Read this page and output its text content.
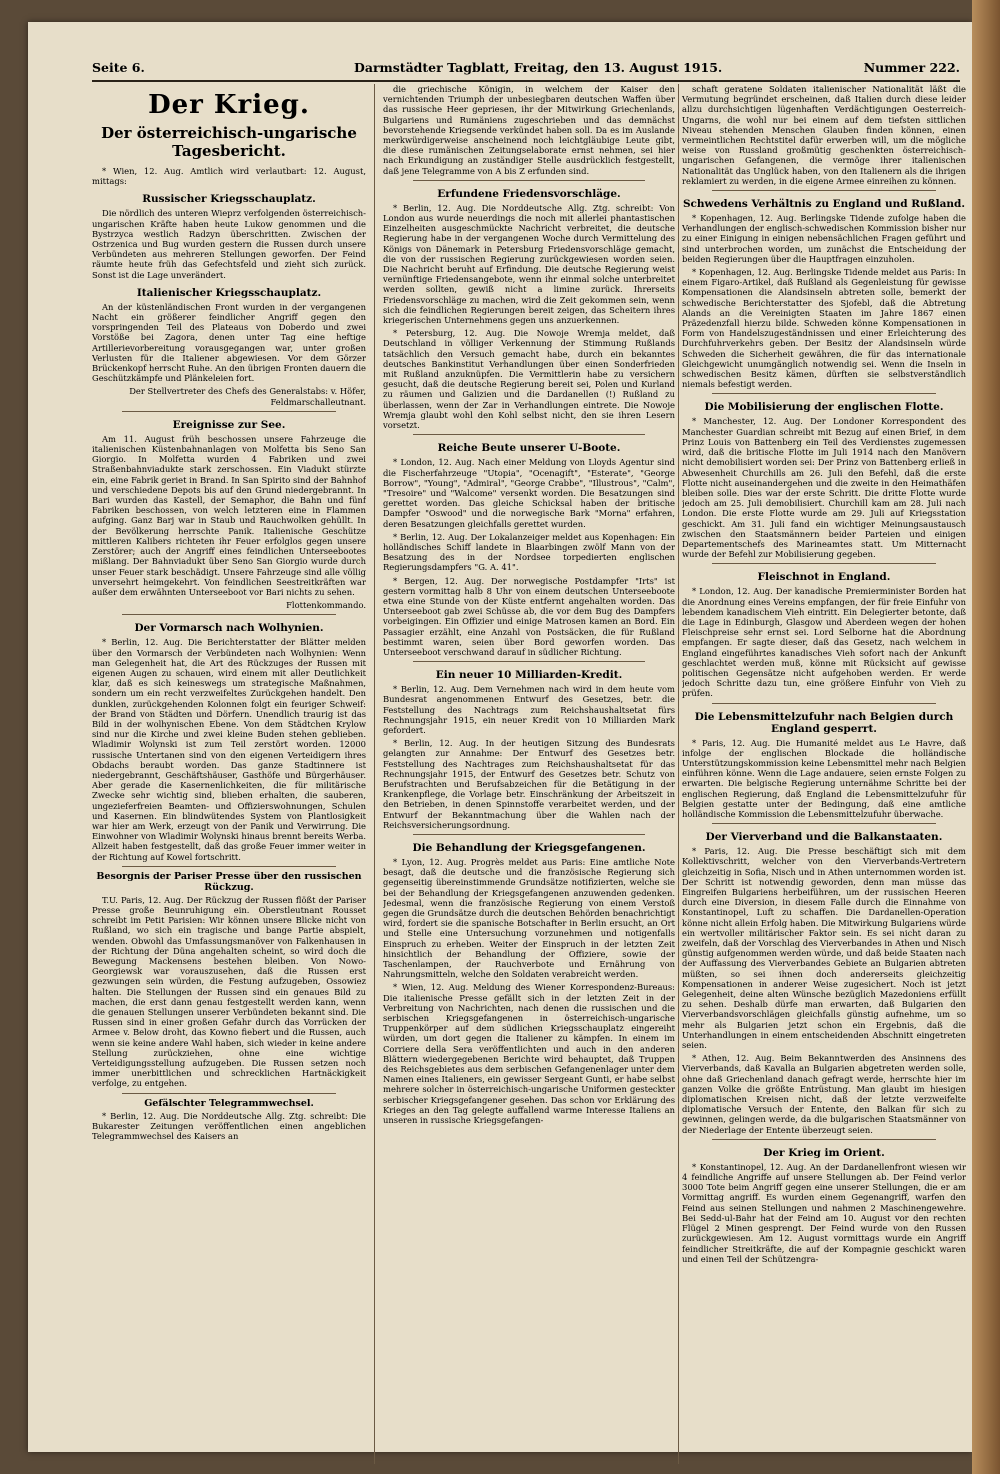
Seite 6.	Darmstädter Tagblatt, Freitag, den 13. August 1915.	Nummer 222.
Der Krieg.
Der österreichisch-ungarische Tagesbericht.

* Wien, 12. Aug. Amtlich wird verlautbart: 12. August, mittags:

Russischer Kriegsschauplatz.

Die nördlich des unteren Wieprz verfolgenden österreichisch-ungarischen Kräfte haben heute Lukow genommen und die Bystrzyca westlich Radzyn überschritten. Zwischen der Ostrzenica und Bug wurden gestern die Russen durch unsere Verbündeten aus mehreren Stellungen geworfen. Der Feind räumte heute früh das Gefechtsfeld und zieht sich zurück. Sonst ist die Lage unverändert.

Italienischer Kriegsschauplatz.

An der küstenländischen Front wurden in der vergangenen Nacht ein größerer feindlicher Angriff gegen den vorspringenden Teil des Plateaus von Doberdo und zwei Vorstöße bei Zagora, denen unter Tag eine heftige Artillerievorbereitung vorausgegangen war, unter großen Verlusten für die Italiener abgewiesen. Vor dem Görzer Brückenkopf herrscht Ruhe. An den übrigen Fronten dauern die Geschützkämpfe und Plänkeleien fort.

Der Stellvertreter des Chefs des Generalstabs: v. Höfer, Feldmarschalleutnant.

Ereignisse zur See.

Am 11. August früh beschossen unsere Fahrzeuge die italienischen Küstenbahnanlagen von Molfetta bis Seno San Giorgio. In Molfetta wurden 4 Fabriken und zwei Straßenbahnviadukte stark zerschossen. Ein Viadukt stürzte ein, eine Fabrik geriet in Brand. In San Spirito sind der Bahnhof und verschiedene Depots bis auf den Grund niedergebrannt. In Bari wurden das Kastell, der Semaphor, die Bahn und fünf Fabriken beschossen, von welch letzteren eine in Flammen aufging. Ganz Barj war in Staub und Rauchwolken gehüllt. In der Bevölkerung herrschte Panik. Italienische Geschütze mittleren Kalibers richteten ihr Feuer erfolglos gegen unsere Zerstörer; auch der Angriff eines feindlichen Unterseebootes mißlang. Der Bahnviadukt über Seno San Giorgio wurde durch unser Feuer stark beschädigt. Unsere Fahrzeuge sind alle völlig unversehrt heimgekehrt. Von feindlichen Seestreitkräften war außer dem erwähnten Unterseeboot vor Bari nichts zu sehen.

Flottenkommando.

Der Vormarsch nach Wolhynien.

* Berlin, 12. Aug. Die Berichterstatter der Blätter melden über den Vormarsch der Verbündeten nach Wolhynien: Wenn man Gelegenheit hat, die Art des Rückzuges der Russen mit eigenen Augen zu schauen, wird einem mit aller Deutlichkeit klar, daß es sich keineswegs um strategische Maßnahmen, sondern um ein recht verzweifeltes Zurückgehen handelt. Den dunklen, zurückgehenden Kolonnen folgt ein feuriger Schweif: der Brand von Städten und Dörfern. Unendlich traurig ist das Bild in der wolhynischen Ebene. Von dem Städtchen Krylow sind nur die Kirche und zwei kleine Buden stehen geblieben. Wladimir Wolynski ist zum Teil zerstört worden. 12000 russische Untertanen sind von den eigenen Verteidigern ihres Obdachs beraubt worden. Das ganze Stadtinnere ist niedergebrannt, Geschäftshäuser, Gasthöfe und Bürgerhäuser. Aber gerade die Kasernenlichkeiten, die für militärische Zwecke sehr wichtig sind, blieben erhalten, die sauberen, ungezieferfreien Beamten- und Offizierswohnungen, Schulen und Kasernen. Ein blindwütendes System von Plantlosigkeit war hier am Werk, erzeugt von der Panik und Verwirrung. Die Einwohner von Wladimir Wolynski hinaus brennt bereits Werba. Allzeit haben festgestellt, daß das große Feuer immer weiter in der Richtung auf Kowel fortschritt.

Besorgnis der Pariser Presse über den russischen Rückzug.

T.U. Paris, 12. Aug. Der Rückzug der Russen flößt der Pariser Presse große Beunruhigung ein. Oberstleutnant Rousset schreibt im Petit Parisien: Wir können unsere Blicke nicht von Rußland, wo sich ein tragische und bange Partie abspielt, wenden. Obwohl das Umfassungsmanöver von Falkenhausen in der Richtung der Düna angehalten scheint, so wird doch die Bewegung Mackensens bestehen bleiben. Von Nowo-Georgiewsk war vorauszusehen, daß die Russen erst gezwungen sein würden, die Festung aufzugeben, Ossowiez halten. Die Stellungen der Russen sind ein genaues Bild zu machen, die erst dann genau festgestellt werden kann, wenn die genauen Stellungen unserer Verbündeten bekannt sind. Die Russen sind in einer großen Gefahr durch das Vorrücken der Armee v. Below droht, das Kowno fiebert und die Russen, auch wenn sie keine andere Wahl haben, sich wieder in keine andere Stellung zurückziehen, ohne eine wichtige Verteidigungsstellung aufzugeben. Die Russen setzen noch immer unerbittlichen und schrecklichen Hartnäckigkeit verfolge, zu entgehen.

Gefälschter Telegrammwechsel.

* Berlin, 12. Aug. Die Norddeutsche Allg. Ztg. schreibt: Die Bukarester Zeitungen veröffentlichen einen angeblichen Telegrammwechsel des Kaisers an

die griechische Königin, in welchem der Kaiser den vernichtenden Triumph der unbesiegbaren deutschen Waffen über das russische Heer gepriesen, ihr der Mitwirkung Griechenlands, Bulgariens und Rumäniens zugeschrieben und das demnächst bevorstehende Kriegsende verkündet haben soll. Da es im Auslande merkwürdigerweise anscheinend noch leichtgläubige Leute gibt, die diese rumänischen Zeitungselaborate ernst nehmen, sei hier nach Erkundigung an zuständiger Stelle ausdrücklich festgestellt, daß jene Telegramme von A bis Z erfunden sind.

Erfundene Friedensvorschläge.

* Berlin, 12. Aug. Die Norddeutsche Allg. Ztg. schreibt: Von London aus wurde neuerdings die noch mit allerlei phantastischen Einzelheiten ausgeschmückte Nachricht verbreitet, die deutsche Regierung habe in der vergangenen Woche durch Vermittelung des Königs von Dänemark in Petersburg Friedensvorschläge gemacht, die von der russischen Regierung zurückgewiesen worden seien. Die Nachricht beruht auf Erfindung. Die deutsche Regierung weist vernünftige Friedensangebote, wenn ihr einmal solche unterbreitet werden sollten, gewiß nicht a limine zurück. Ihrerseits Friedensvorschläge zu machen, wird die Zeit gekommen sein, wenn sich die feindlichen Regierungen bereit zeigen, das Scheitern ihres kriegerischen Unternehmens gegen uns anzuerkennen.

* Petersburg, 12. Aug. Die Nowoje Wremja meldet, daß Deutschland in völliger Verkennung der Stimmung Rußlands tatsächlich den Versuch gemacht habe, durch ein bekanntes deutsches Bankinstitut Verhandlungen über einen Sonderfrieden mit Rußland anzuknüpfen. Die Vermittlerin habe zu versichern gesucht, daß die deutsche Regierung bereit sei, Polen und Kurland zu räumen und Galizien und die Dardanellen (!) Rußland zu überlassen, wenn der Zar in Verhandlungen eintrete. Die Nowoje Wremja glaubt wohl den Kohl selbst nicht, den sie ihren Lesern vorsetzt.

Reiche Beute unserer U-Boote.

* London, 12. Aug. Nach einer Meldung von Lloyds Agentur sind die Fischerfahrzeuge "Utopia", "Ocenagift", "Esterate", "George Borrow", "Young", "Admiral", "George Crabbe", "Illustrous", "Calm", "Tresoire" und "Walcome" versenkt worden. Die Besatzungen sind gerettet worden. Das gleiche Schicksal haben der britische Dampfer "Oswood" und die norwegische Bark "Morna" erfahren, deren Besatzungen gleichfalls gerettet wurden.

* Berlin, 12. Aug. Der Lokalanzeiger meldet aus Kopenhagen: Ein holländisches Schiff landete in Blaarbingen zwölf Mann von der Besatzung des in der Nordsee torpedierten englischen Regierungsdampfers "G. A. 41".

* Bergen, 12. Aug. Der norwegische Postdampfer "Irts" ist gestern vormittag halb 8 Uhr von einem deutschen Unterseeboote etwa eine Stunde von der Küste entfernt angehalten worden. Das Unterseeboot gab zwei Schüsse ab, die vor dem Bug des Dampfers vorbeigingen. Ein Offizier und einige Matrosen kamen an Bord. Ein Passagier erzählt, eine Anzahl von Postsäcken, die für Rußland bestimmt waren, seien über Bord geworfen worden. Das Unterseeboot verschwand darauf in südlicher Richtung.

Ein neuer 10 Milliarden-Kredit.

* Berlin, 12. Aug. Dem Vernehmen nach wird in dem heute vom Bundesrat angenommenen Entwurf des Gesetzes, betr. die Feststellung des Nachtrags zum Reichshaushaltsetat fürs Rechnungsjahr 1915, ein neuer Kredit von 10 Milliarden Mark gefordert.

* Berlin, 12. Aug. In der heutigen Sitzung des Bundesrats gelangten zur Annahme: Der Entwurf des Gesetzes betr. Feststellung des Nachtrages zum Reichshaushaltsetat für das Rechnungsjahr 1915, der Entwurf des Gesetzes betr. Schutz von Berufstrachten und Berufsabzeichen für die Betätigung in der Krankenpflege, die Vorlage betr. Einschränkung der Arbeitszeit in den Betrieben, in denen Spinnstoffe verarbeitet werden, und der Entwurf der Bekanntmachung über die Wahlen nach der Reichsversicherungsordnung.

Die Behandlung der Kriegsgefangenen.

* Lyon, 12. Aug. Progrès meldet aus Paris: Eine amtliche Note besagt, daß die deutsche und die französische Regierung sich gegenseitig übereinstimmende Grundsätze notifizierten, welche sie bei der Behandlung der Kriegsgefangenen anzuwenden gedenken. Jedesmal, wenn die französische Regierung von einem Verstoß gegen die Grundsätze durch die deutschen Behörden benachrichtigt wird, fordert sie die spanische Botschafter in Berlin ersucht, an Ort und Stelle eine Untersuchung vorzunehmen und notigenfalls Einspruch zu erheben. Weiter der Einspruch in der letzten Zeit hinsichtlich der Behandlung der Offiziere, sowie der Taschenlampen, der Rauchverbote und Ernährung von Nahrungsmitteln, welche den Soldaten verabreicht werden.

* Wien, 12. Aug. Meldung des Wiener Korrespondenz-Bureaus: Die italienische Presse gefällt sich in der letzten Zeit in der Verbreitung von Nachrichten, nach denen die russischen und die serbischen Kriegsgefangenen in österreichisch-ungarische Truppenkörper auf dem südlichen Kriegsschauplatz eingereiht würden, um dort gegen die Italiener zu kämpfen. In einem im Corriere della Sera veröffentlichten und auch in den anderen Blättern wiedergegebenen Berichte wird behauptet, daß Truppen des Reichsgebietes aus dem serbischen Gefangenenlager unter dem Namen eines Italieners, ein gewisser Sergeant Gunti, er habe selbst mehrere solcher in österreichisch-ungarische Uniformen gesteckter serbischer Kriegsgefangener gesehen. Das schon vor Erklärung des Krieges an den Tag gelegte auffallend warme Interesse Italiens an unseren in russische Kriegsgefangen-

schaft geratene Soldaten italienischer Nationalität läßt die Vermutung begründet erscheinen, daß Italien durch diese leider allzu durchsichtigen lügenhaften Verdächtigungen Oesterreich-Ungarns, die wohl nur bei einem auf dem tiefsten sittlichen Niveau stehenden Menschen Glauben finden können, einen vermeintlichen Rechtstitel dafür erwerben will, um die mögliche weise von Russland großmütig geschenkten österreichisch-ungarischen Gefangenen, die vermöge ihrer italienischen Nationalität das Unglück haben, von den Italienern als die ihrigen reklamiert zu werden, in die eigene Armee einreihen zu können.

Schwedens Verhältnis zu England und Rußland.

* Kopenhagen, 12. Aug. Berlingske Tidende zufolge haben die Verhandlungen der englisch-schwedischen Kommission bisher nur zu einer Einigung in einigen nebensächlichen Fragen geführt und sind unterbrochen worden, um zunächst die Entscheidung der beiden Regierungen über die Hauptfragen einzuholen.

* Kopenhagen, 12. Aug. Berlingske Tidende meldet aus Paris: In einem Figaro-Artikel, daß Rußland als Gegenleistung für gewisse Kompensationen die Alandsinseln abtreten solle, bemerkt der schwedische Berichterstatter des Sjofebl, daß die Abtretung Alands an die Vereinigten Staaten im Jahre 1867 einen Präzedenzfall hierzu bilde. Schweden könne Kompensationen in Form von Handelszugeständnissen und einer Erleichterung des Durchfuhrverkehrs geben. Der Besitz der Alandsinseln würde Schweden die Sicherheit gewähren, die für das internationale Gleichgewicht unumgänglich notwendig sei. Wenn die Inseln in schwedischen Besitz kämen, dürften sie selbstverständlich niemals befestigt werden.

Die Mobilisierung der englischen Flotte.

* Manchester, 12. Aug. Der Londoner Korrespondent des Manchester Guardian schreibt mit Bezug auf einen Brief, in dem Prinz Louis von Battenberg ein Teil des Verdienstes zugemessen wird, daß die britische Flotte im Juli 1914 nach den Manövern nicht demobilisiert worden sei: Der Prinz von Battenberg erließ in Abwesenheit Churchills am 26. Juli den Befehl, daß die erste Flotte nicht auseinandergehen und die zweite in den Heimathäfen bleiben solle. Dies war der erste Schritt. Die dritte Flotte wurde jedoch am 25. Juli demobilisiert. Churchill kam am 28. Juli nach London. Die erste Flotte wurde am 29. Juli auf Kriegsstation geschickt. Am 31. Juli fand ein wichtiger Meinungsaustausch zwischen den Staatsmännern beider Parteien und einigen Departementschefs des Marineamtes statt. Um Mitternacht wurde der Befehl zur Mobilisierung gegeben.

Fleischnot in England.

* London, 12. Aug. Der kanadische Premierminister Borden hat die Anordnung eines Vereins empfangen, der für freie Einfuhr von lebendem kanadischem Vieh eintritt. Ein Delegierter betonte, daß die Lage in Edinburgh, Glasgow und Aberdeen wegen der hohen Fleischpreise sehr ernst sei. Lord Selborne hat die Abordnung empfangen. Er sagte dieser, daß das Gesetz, nach welchem in England eingeführtes kanadisches Vieh sofort nach der Ankunft geschlachtet werden muß, könne mit Rücksicht auf gewisse politischen Gegensätze nicht aufgehoben werden. Er werde jedoch Schritte dazu tun, eine größere Einfuhr von Vieh zu prüfen.

Die Lebensmittelzufuhr nach Belgien durch England gesperrt.

* Paris, 12. Aug. Die Humanité meldet aus Le Havre, daß infolge der englischen Blockade die holländische Unterstützungskommission keine Lebensmittel mehr nach Belgien einführen könne. Wenn die Lage andauere, seien ernste Folgen zu erwarten. Die belgische Regierung unternähme Schritte bei der englischen Regierung, daß England die Lebensmittelzufuhr für Belgien gestatte unter der Bedingung, daß eine amtliche holländische Kommission die Lebensmittelzufuhr überwache.

Der Vierverband und die Balkanstaaten.

* Paris, 12. Aug. Die Presse beschäftigt sich mit dem Kollektivschritt, welcher von den Vierverbands-Vertretern gleichzeitig in Sofia, Nisch und in Athen unternommen worden ist. Der Schritt ist notwendig geworden, denn man müsse das Eingreifen Bulgariens herbeiführen, um der russischen Heeren durch eine Diversion, in diesem Falle durch die Einnahme von Konstantinopel, Luft zu schaffen. Die Dardanellen-Operation könne nicht allein Erfolg haben. Die Mitwirkung Bulgariens würde ein wertvoller militärischer Faktor sein. Es sei nicht daran zu zweifeln, daß der Vorschlag des Vierverbandes in Athen und Nisch günstig aufgenommen werden würde, und daß beide Staaten nach der Auffassung des Vierverbandes Gebiete an Bulgarien abtreten müßten, so sei ihnen doch andererseits gleichzeitig Kompensationen in anderer Weise zugesichert. Noch ist jetzt Gelegenheit, deine alten Wünsche bezüglich Mazedoniens erfüllt zu sehen. Deshalb dürfe man erwarten, daß Bulgarien den Vierverbandsvorschlägen gleichfalls günstig aufnehme, um so mehr als Bulgarien jetzt schon ein Ergebnis, daß die Unterhandlungen in einem entscheidenden Abschnitt eingetreten seien.

* Athen, 12. Aug. Beim Bekanntwerden des Ansinnens des Vierverbands, daß Kavalla an Bulgarien abgetreten werden solle, ohne daß Griechenland danach gefragt werde, herrschte hier im ganzen Volke die größte Entrüstung. Man glaubt im hiesigen diplomatischen Kreisen nicht, daß der letzte verzweifelte diplomatische Versuch der Entente, den Balkan für sich zu gewinnen, gelingen werde, da die bulgarischen Staatsmänner von der Niederlage der Entente überzeugt seien.

Der Krieg im Orient.

* Konstantinopel, 12. Aug. An der Dardanellenfront wiesen wir 4 feindliche Angriffe auf unsere Stellungen ab. Der Feind verlor 3000 Tote beim Angriff gegen eine unserer Stellungen, die er am Vormittag angriff. Es wurden einem Gegenangriff, warfen den Feind aus seinen Stellungen und nahmen 2 Maschinengewehre. Bei Sedd-ul-Bahr hat der Feind am 10. August vor den rechten Flügel 2 Minen gesprengt. Der Feind wurde von den Russen zurückgewiesen. Am 12. August vormittags wurde ein Angriff feindlicher Streitkräfte, die auf der Kompagnie geschickt waren und einen Teil der Schützengra-
